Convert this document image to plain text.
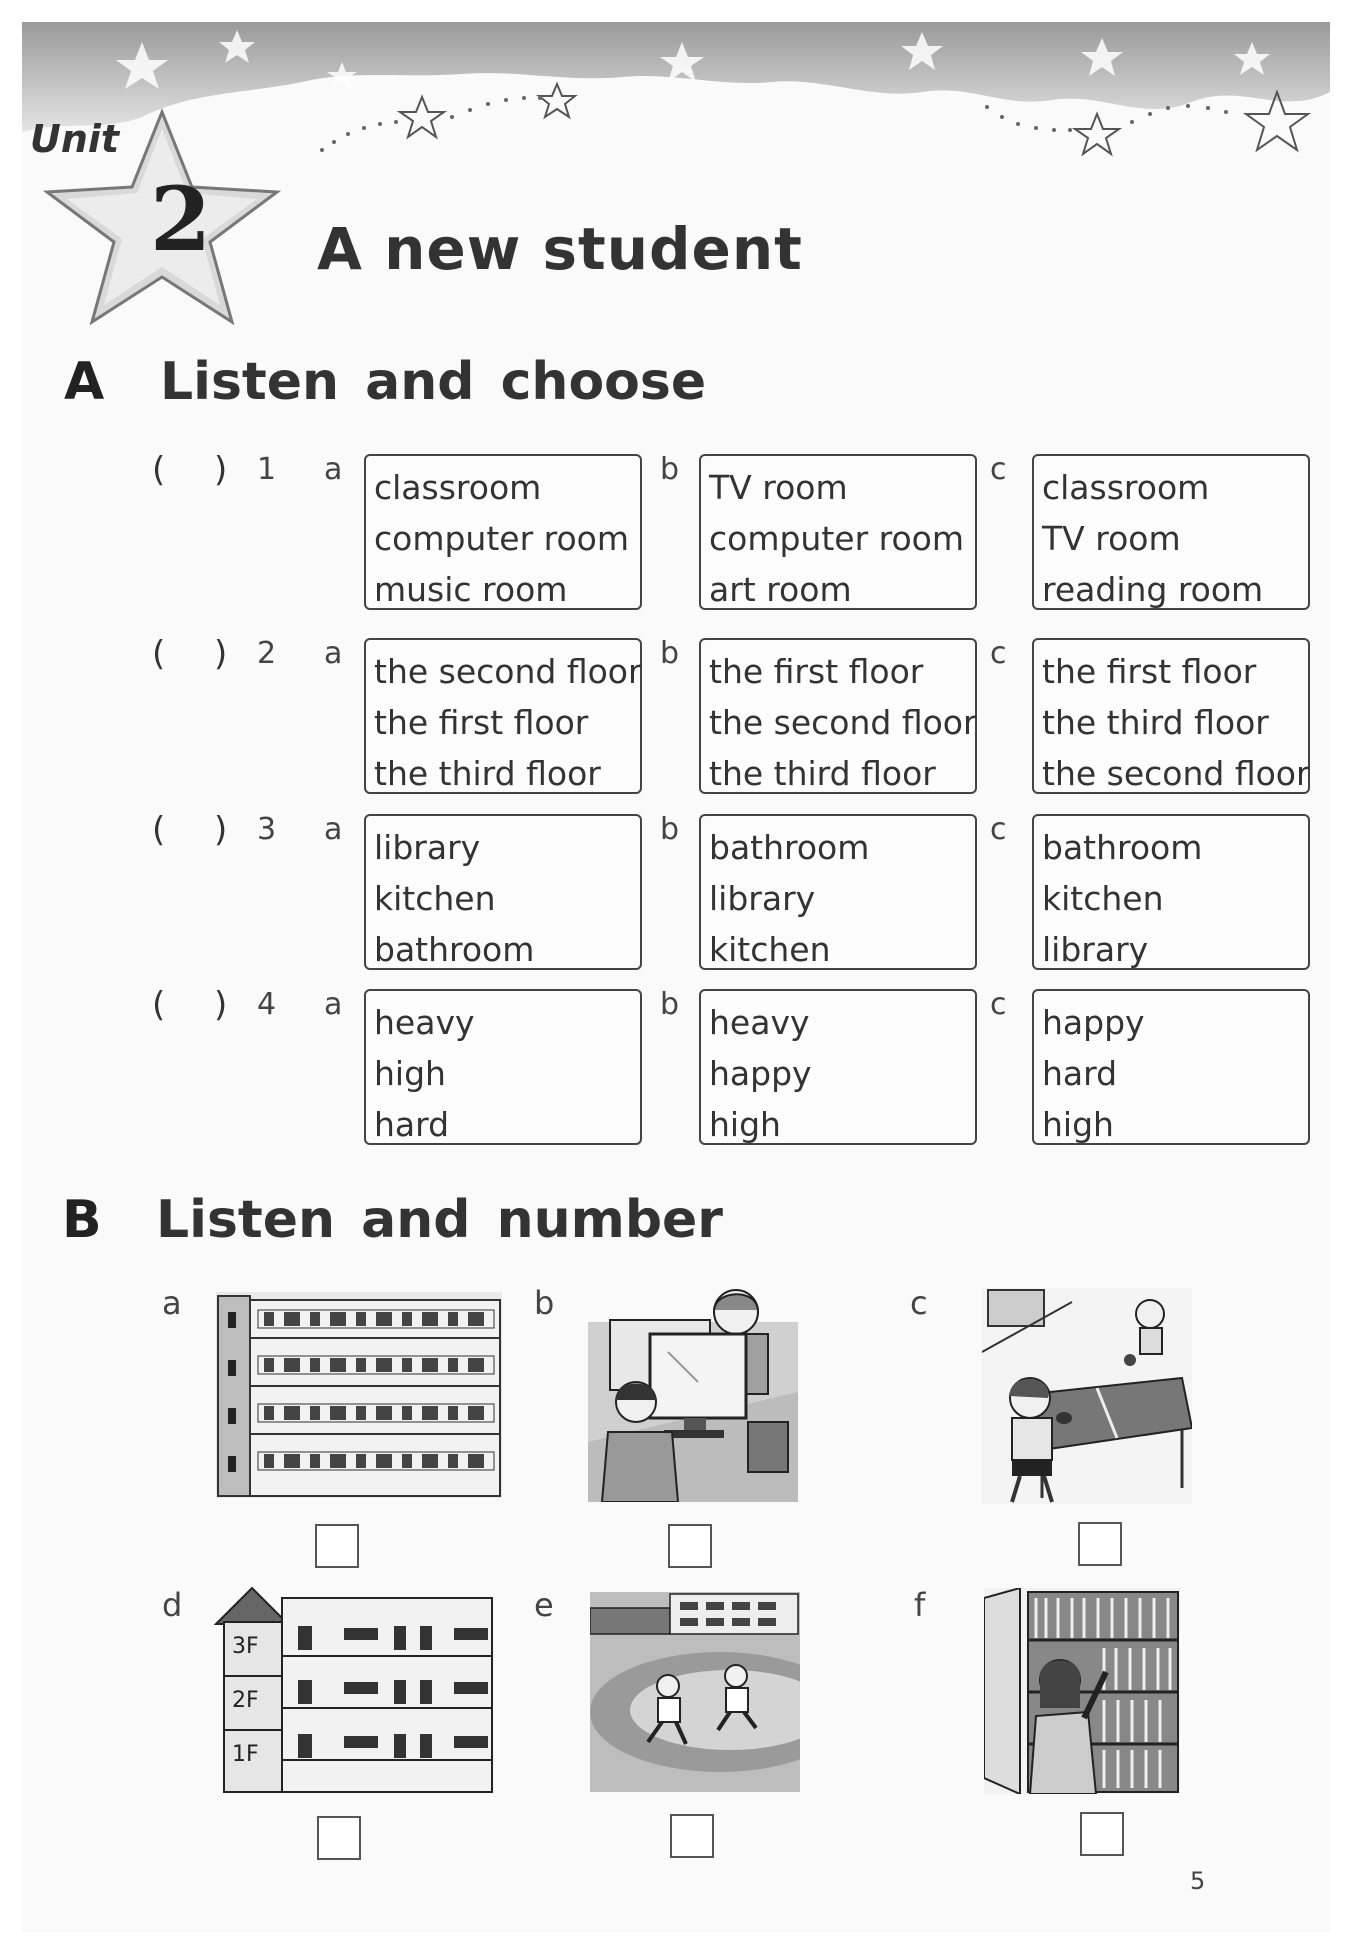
Unit
2 A new student
A Listen and choose
( ) 1 a classroom
computer room
music room
b TV room
computer room
art room
c classroom
TV room
reading room
( ) 2 a the second floor
the first floor
the third floor
b the first floor
the second floor
the third floor
c the first floor
the third floor
the second floor
( ) 3 a library
kitchen
bathroom
b bathroom
library
kitchen
c bathroom
kitchen
library
( ) 4 a heavy
high
hard
b heavy
happy
high
c happy
hard
high
B Listen and number
a	b	c
d
3F
2F
1F
e	f
5
